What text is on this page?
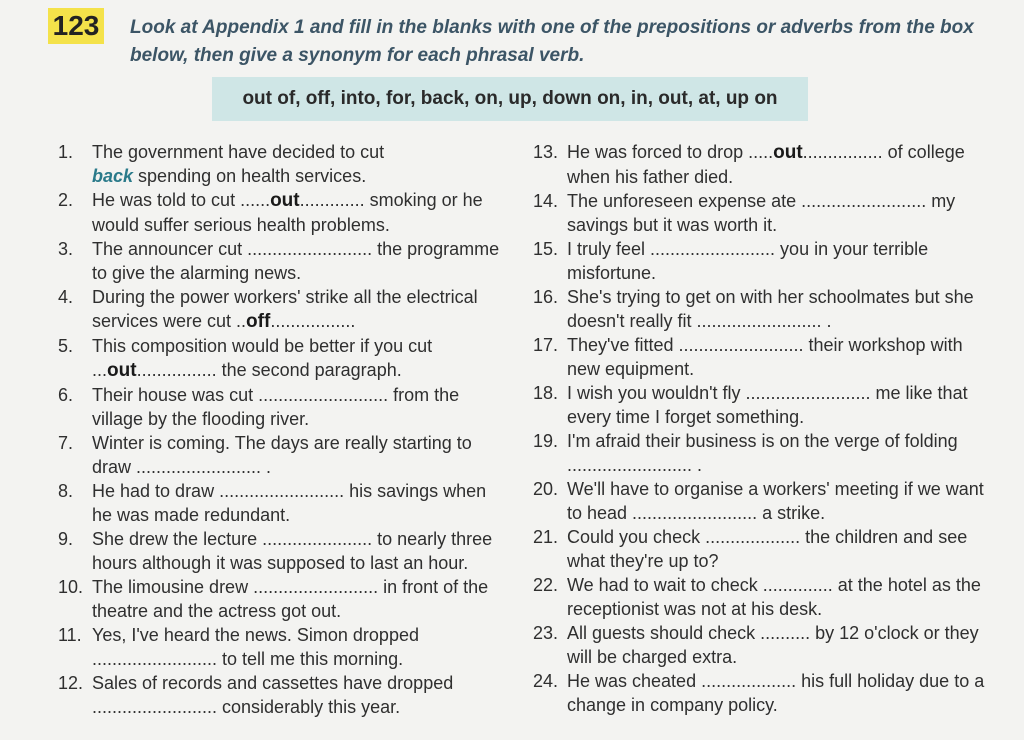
123 Look at Appendix 1 and fill in the blanks with one of the prepositions or adverbs from the box below, then give a synonym for each phrasal verb.
out of, off, into, for, back, on, up, down on, in, out, at, up on
1.	The government have decided to cut
back spending on health services.
2.	He was told to cut ......out............. smoking or he would suffer serious health problems.
3.	The announcer cut ......................... the programme to give the alarming news.
4.	During the power workers' strike all the electrical services were cut ..off.................
5.	This composition would be better if you cut ...out................ the second paragraph.
6.	Their house was cut .......................... from the village by the flooding river.
7.	Winter is coming. The days are really starting to draw ......................... .
8.	He had to draw ......................... his savings when he was made redundant.
9.	She drew the lecture ...................... to nearly three hours although it was supposed to last an hour.
10. The limousine drew ......................... in front of the theatre and the actress got out.
11. Yes, I've heard the news. Simon dropped ......................... to tell me this morning.
12. Sales of records and cassettes have dropped ......................... considerably this year.
13. He was forced to drop .....out................ of college when his father died.
14. The unforeseen expense ate ......................... my savings but it was worth it.
15. I truly feel ......................... you in your terrible misfortune.
16. She's trying to get on with her schoolmates but she doesn't really fit ......................... .
17. They've fitted ......................... their workshop with new equipment.
18. I wish you wouldn't fly ......................... me like that every time I forget something.
19. I'm afraid their business is on the verge of folding ......................... .
20. We'll have to organise a workers' meeting if we want to head ......................... a strike.
21. Could you check ................... the children and see what they're up to?
22. We had to wait to check .............. at the hotel as the receptionist was not at his desk.
23. All guests should check .......... by 12 o'clock or they will be charged extra.
24. He was cheated ................... his full holiday due to a change in company policy.
